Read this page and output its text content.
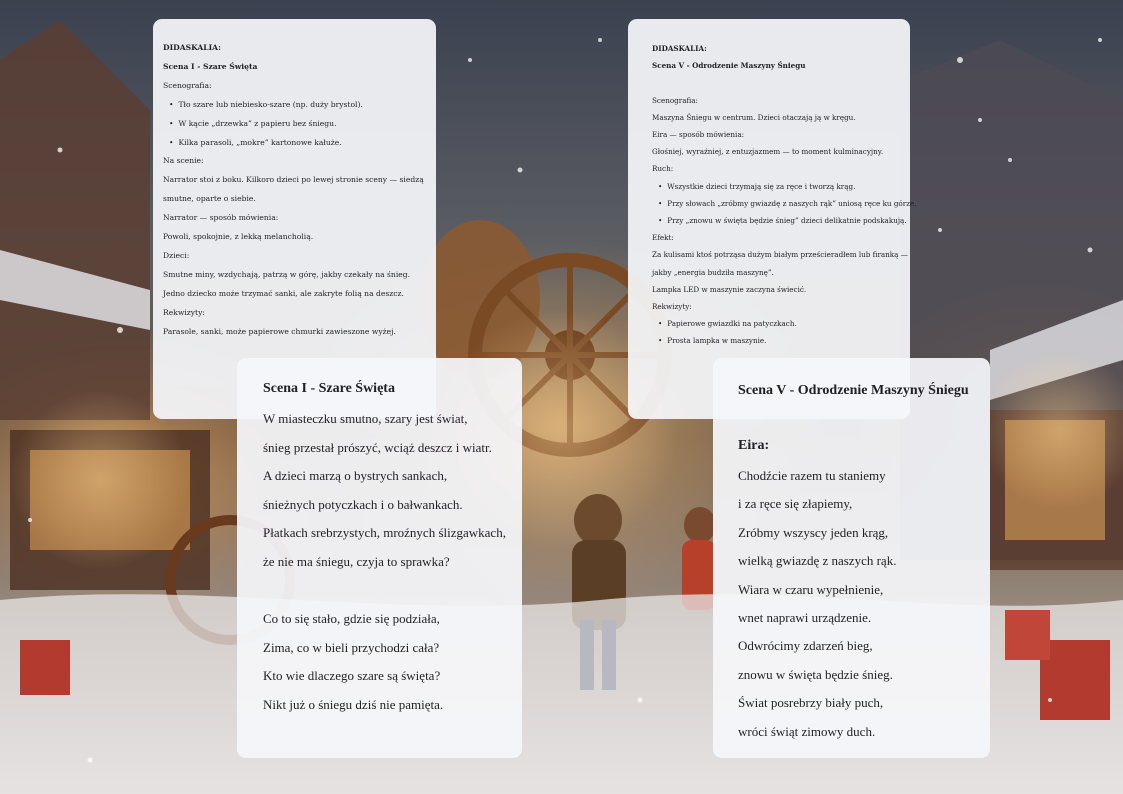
DIDASKALIA:
Scena I - Szare Święta
Scenografia:
• Tło szare lub niebiesko-szare (np. duży brystol).
• W kącie „drzewka” z papieru bez śniegu.
• Kilka parasoli, „mokre” kartonowe kałuże.
Na scenie:
Narrator stoi z boku. Kilkoro dzieci po lewej stronie sceny — siedzą
smutne, oparte o siebie.
Narrator — sposób mówienia:
Powoli, spokojnie, z lekką melancholią.
Dzieci:
Smutne miny, wzdychają, patrzą w górę, jakby czekały na śnieg.
Jedno dziecko może trzymać sanki, ale zakryte folią na deszcz.
Rekwizyty:
Parasole, sanki, może papierowe chmurki zawieszone wyżej.
DIDASKALIA:
Scena V - Odrodzenie Maszyny Śniegu

Scenografia:
Maszyna Śniegu w centrum. Dzieci otaczają ją w kręgu.
Eira — sposób mówienia:
Głośniej, wyraźniej, z entuzjazmem — to moment kulminacyjny.
Ruch:
• Wszystkie dzieci trzymają się za ręce i tworzą krąg.
• Przy słowach „zróbmy gwiazdę z naszych rąk” uniosą ręce ku górze.
• Przy „znowu w święta będzie śnieg” dzieci delikatnie podskakują.
Efekt:
Za kulisami ktoś potrząsa dużym białym prześcieradłem lub firanką —
jakby „energia budziła maszynę”.
Lampka LED w maszynie zaczyna świecić.
Rekwizyty:
• Papierowe gwiazdki na patyczkach.
• Prosta lampka w maszynie.
Scena I - Szare Święta
W miasteczku smutno, szary jest świat,
śnieg przestał prószyć, wciąż deszcz i wiatr.
A dzieci marzą o bystrych sankach,
śnieżnych potyczkach i o bałwankach.
Płatkach srebrzystych, mroźnych ślizgawkach,
że nie ma śniegu, czyja to sprawka?

Co to się stało, gdzie się podziała,
Zima, co w bieli przychodzi cała?
Kto wie dlaczego szare są święta?
Nikt już o śniegu dziś nie pamięta.
Scena V - Odrodzenie Maszyny Śniegu
Eira:
Chodźcie razem tu staniemy
i za ręce się złapiemy,
Zróbmy wszyscy jeden krąg,
wielką gwiazdę z naszych rąk.
Wiara w czaru wypełnienie,
wnet naprawi urządzenie.
Odwrócimy zdarzeń bieg,
znowu w święta będzie śnieg.
Świat posrebrzy biały puch,
wróci świąt zimowy duch.
